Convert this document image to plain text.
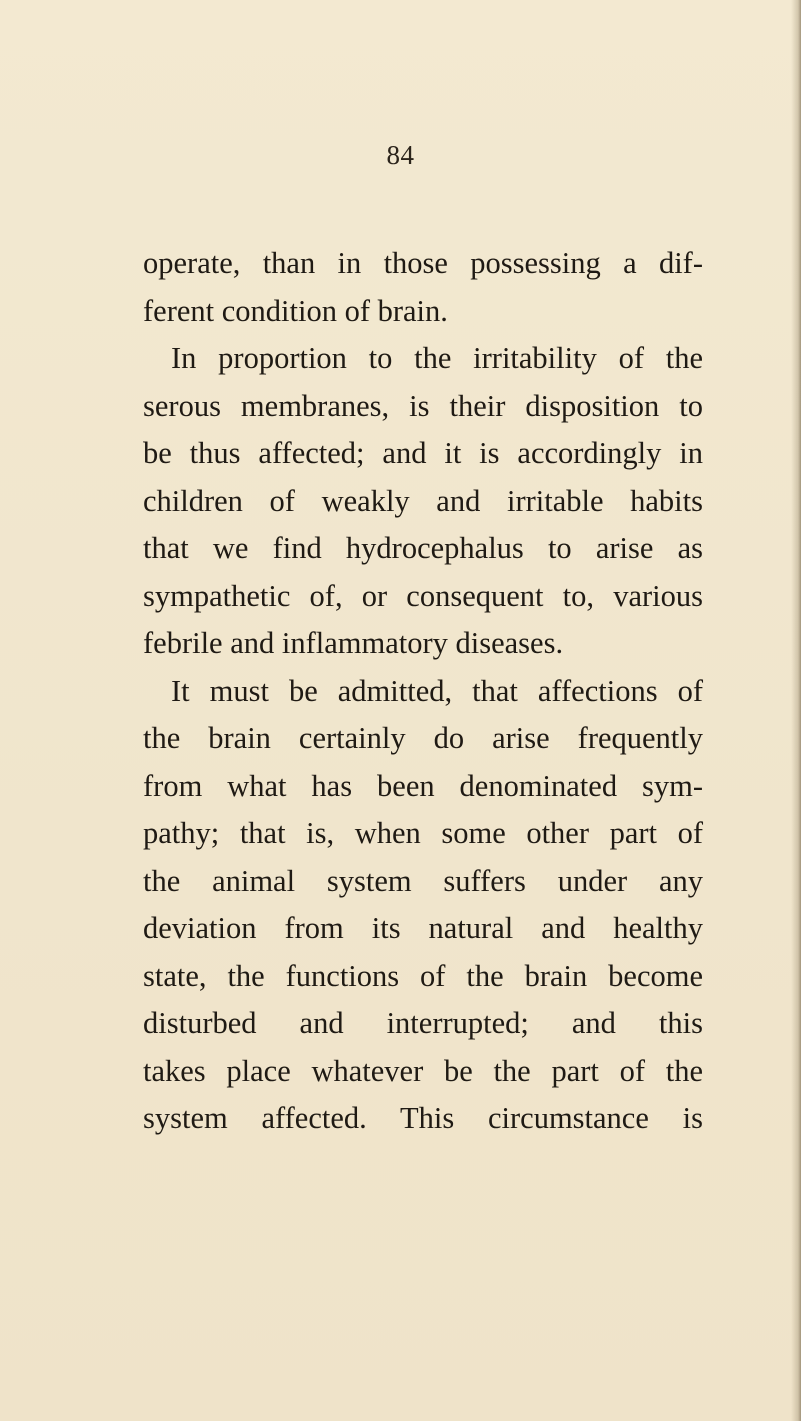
84
operate, than in those possessing a dif-
ferent condition of brain.
In proportion to the irritability of the
serous membranes, is their disposition to
be thus affected; and it is accordingly in
children of weakly and irritable habits
that we find hydrocephalus to arise as
sympathetic of, or consequent to, various
febrile and inflammatory diseases.
It must be admitted, that affections of
the brain certainly do arise frequently
from what has been denominated sym-
pathy; that is, when some other part of
the animal system suffers under any
deviation from its natural and healthy
state, the functions of the brain become
disturbed and interrupted; and this
takes place whatever be the part of the
system affected. This circumstance is
